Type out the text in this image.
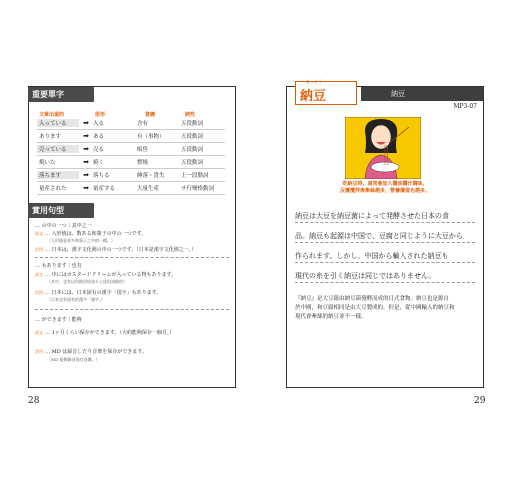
重要單字
文章出現的	原形	意義	詞性
入っている	➡ 入る	含有	五段動詞
あります	➡ ある	有（事物）	五段動詞
売っている	➡ 売る	販售	五段動詞
焼いた	➡ 焼く	燃燒	五段動詞
落ちます	➡ 落ちる	睡落・貴失	上一段動詞
量産された	➡ 量産する	大量生產	サ行變格動詞
實用句型
… の中の一つ｜其中之一
原文 … 入形焼は、数ある和菓子の中の一つです。
（人形燒是眾多和菓子之中的一種。）
活用 … 日本は、漢字文化圏の中の一つです。（日本是漢字文化圏之一。）
… もあります｜也有
原文 … 中にはカスタードクリームが入っている物もあります。
（其中，也有以內餡用奶油卡士達奶油餡的）
活用 … 日本には、日本固有の漢字「国字」もあります。
（日本也有固有的漢字「國字」）
… ができます｜能夠
原文 … 1ヶ月くらい保存ができます。（大約能夠保存一個月。）
活用 … MD は録音したり音楽を保存ができます。
（MD 能夠錄音保存音樂。）
28
なっとう
納豆	納豆
MP3-07
吃納豆時，通常會加入醬油醬汁調味，
反覆攪拌後牽絲越多，營養價值也越多。
納豆は大豆を納豆菌によって発酵させた日本の食
品。納豆も起源は中国で、豆腐と同じように大豆から
作られます。しかし、中国から輸入された納豆も
現代の糸を引く納豆は同じではありません。
『納豆』是大豆藉由納豆菌發酵而成的日式食物。納豆也是源自
於中國，和豆腐相同是由大豆製成的。但是，從中國輸入的納豆和
現代會牽絲的納豆並不一樣。
29
